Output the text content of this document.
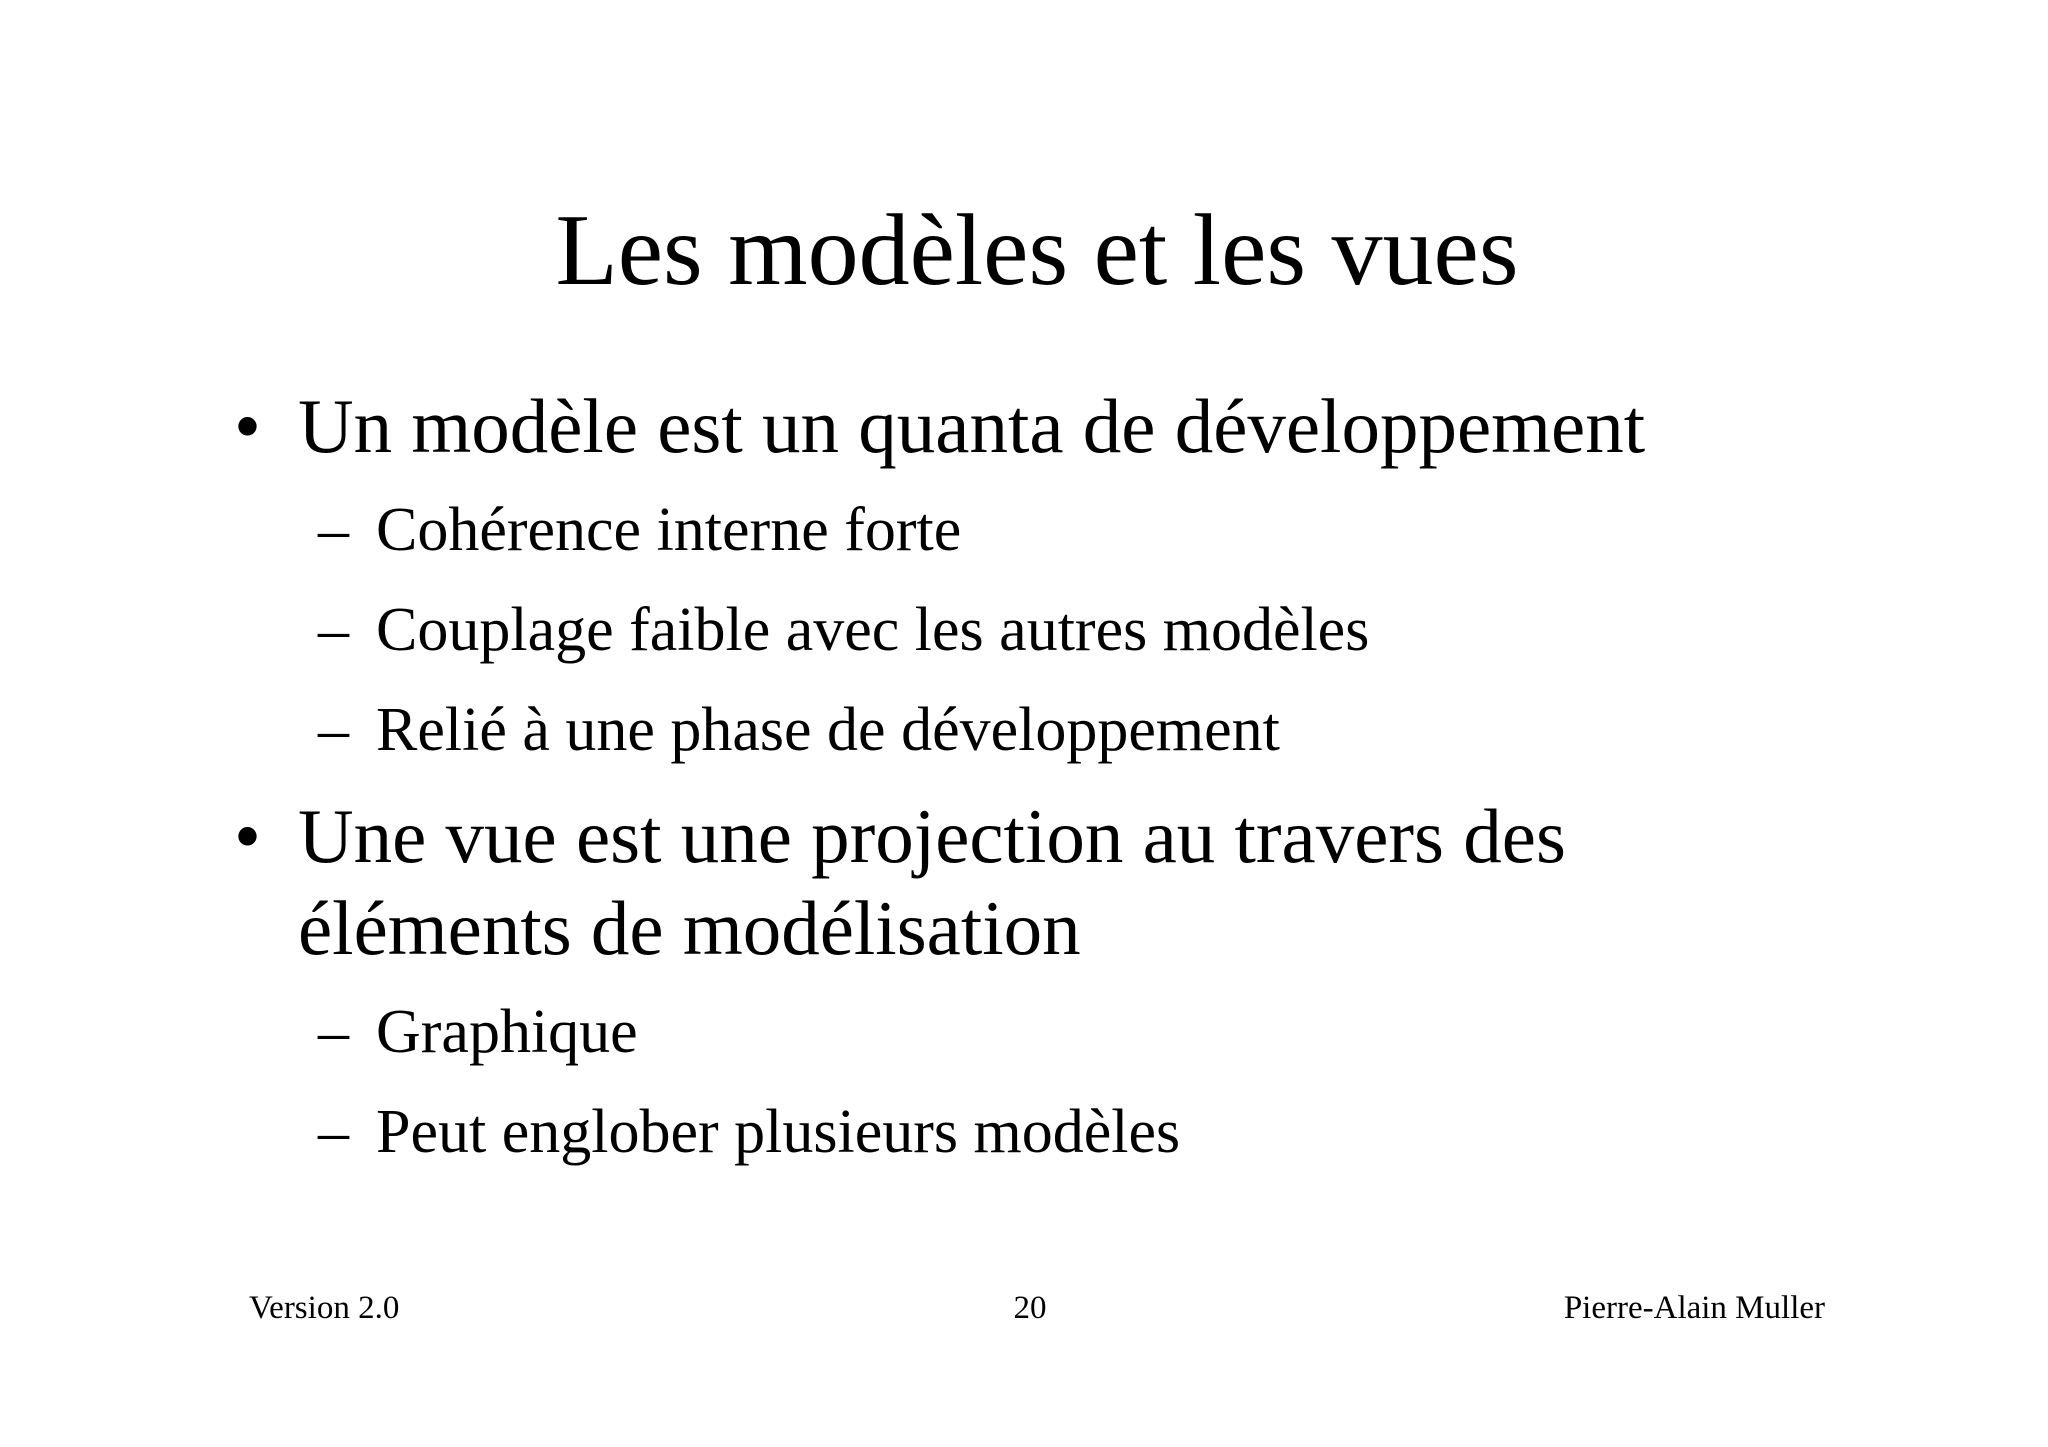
Les modèles et les vues
• Un modèle est un quanta de développement
– Cohérence interne forte
– Couplage faible avec les autres modèles
– Relié à une phase de développement
• Une vue est une projection au travers des
éléments de modélisation
– Graphique
– Peut englober plusieurs modèles
Version 2.0	20	Pierre-Alain Muller
